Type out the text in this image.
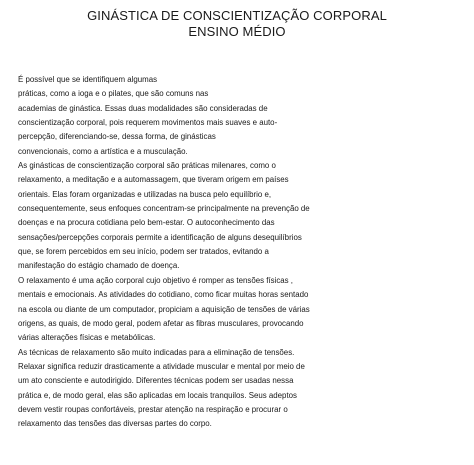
GINÁSTICA DE CONSCIENTIZAÇÃO CORPORAL
ENSINO MÉDIO
É possível que se identifiquem algumas
práticas, como a ioga e o pilates, que são comuns nas
academias de ginástica. Essas duas modalidades são consideradas de
conscientização corporal, pois requerem movimentos mais suaves e auto-
percepção, diferenciando-se, dessa forma, de ginásticas
convencionais, como a artística e a musculação.
As ginásticas de conscientização corporal são práticas milenares, como o
relaxamento, a meditação e a automassagem, que tiveram origem em países
orientais. Elas foram organizadas e utilizadas na busca pelo equilíbrio e,
consequentemente, seus enfoques concentram-se principalmente na prevenção de
doenças e na procura cotidiana pelo bem-estar. O autoconhecimento das
sensações/percepções corporais permite a identificação de alguns desequilíbrios
que, se forem percebidos em seu início, podem ser tratados, evitando a
manifestação do estágio chamado de doença.
O relaxamento é uma ação corporal cujo objetivo é romper as tensões físicas ,
mentais e emocionais. As atividades do cotidiano, como ficar muitas horas sentado
na escola ou diante de um computador, propiciam a aquisição de tensões de várias
origens, as quais, de modo geral, podem afetar as fibras musculares, provocando
várias alterações físicas e metabólicas.
As técnicas de relaxamento são muito indicadas para a eliminação de tensões.
Relaxar significa reduzir drasticamente a atividade muscular e mental por meio de
um ato consciente e autodirigido. Diferentes técnicas podem ser usadas nessa
prática e, de modo geral, elas são aplicadas em locais tranquilos. Seus adeptos
devem vestir roupas confortáveis, prestar atenção na respiração e procurar o
relaxamento das tensões das diversas partes do corpo.
